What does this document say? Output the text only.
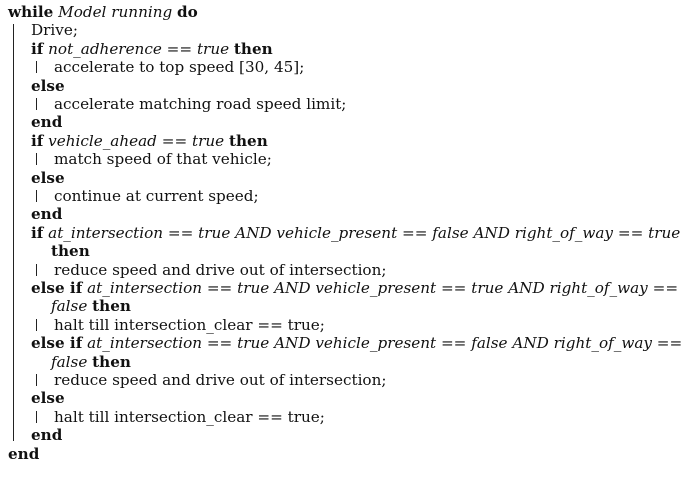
while Model running do
Drive;
if not_adherence == true then
accelerate to top speed [30, 45];
else
accelerate matching road speed limit;
end
if vehicle_ahead == true then
match speed of that vehicle;
else
continue at current speed;
end
if at_intersection == true AND vehicle_present == false AND right_of_way == true
then
reduce speed and drive out of intersection;
else if at_intersection == true AND vehicle_present == true AND right_of_way ==
false then
halt till intersection_clear == true;
else if at_intersection == true AND vehicle_present == false AND right_of_way ==
false then
reduce speed and drive out of intersection;
else
halt till intersection_clear == true;
end
end
